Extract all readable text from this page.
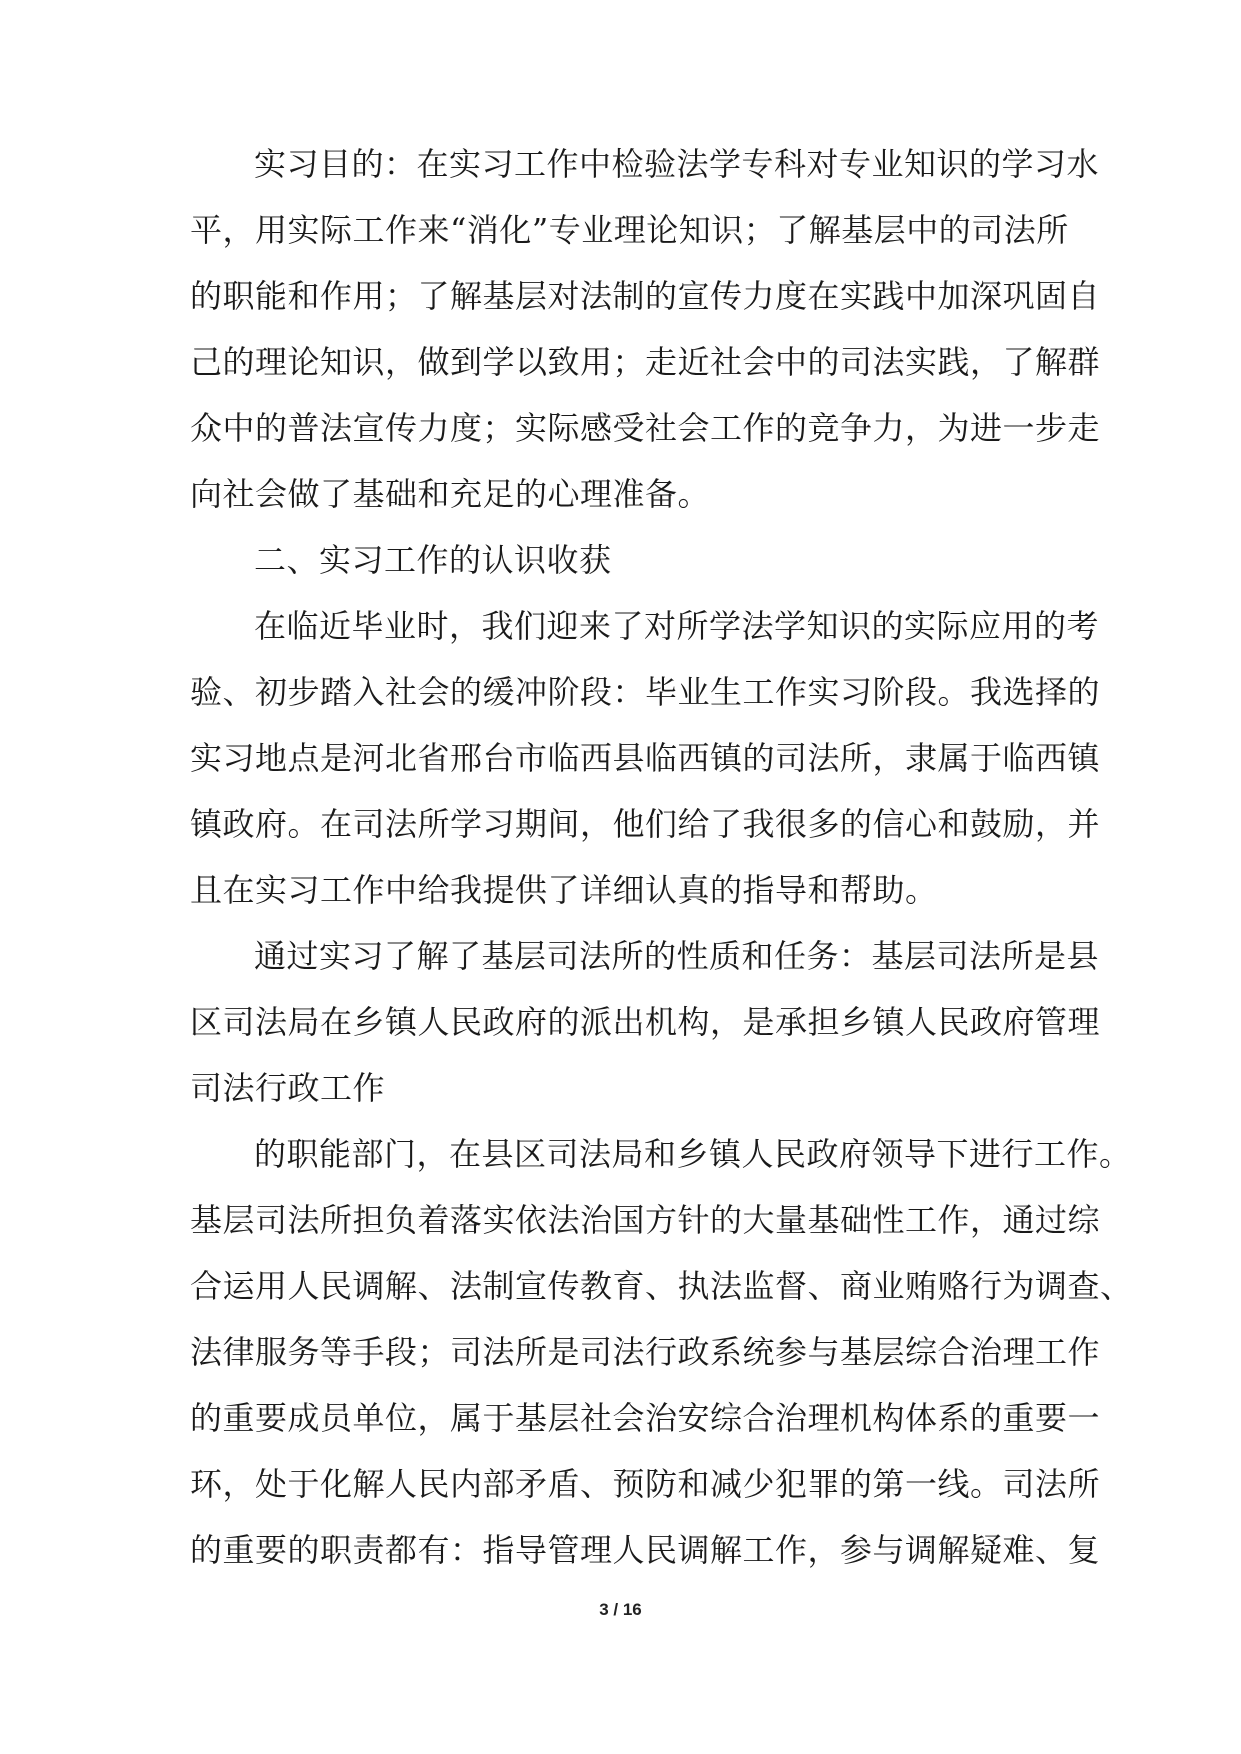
实习目的：在实习工作中检验法学专科对专业知识的学习水
平，用实际工作来“消化”专业理论知识；了解基层中的司法所
的职能和作用；了解基层对法制的宣传力度在实践中加深巩固自
己的理论知识，做到学以致用；走近社会中的司法实践，了解群
众中的普法宣传力度；实际感受社会工作的竞争力，为进一步走
向社会做了基础和充足的心理准备。
二、实习工作的认识收获
在临近毕业时，我们迎来了对所学法学知识的实际应用的考
验、初步踏入社会的缓冲阶段：毕业生工作实习阶段。我选择的
实习地点是河北省邢台市临西县临西镇的司法所，隶属于临西镇
镇政府。在司法所学习期间，他们给了我很多的信心和鼓励，并
且在实习工作中给我提供了详细认真的指导和帮助。
通过实习了解了基层司法所的性质和任务：基层司法所是县
区司法局在乡镇人民政府的派出机构，是承担乡镇人民政府管理
司法行政工作
的职能部门，在县区司法局和乡镇人民政府领导下进行工作。
基层司法所担负着落实依法治国方针的大量基础性工作，通过综
合运用人民调解、法制宣传教育、执法监督、商业贿赂行为调查、
法律服务等手段；司法所是司法行政系统参与基层综合治理工作
的重要成员单位，属于基层社会治安综合治理机构体系的重要一
环，处于化解人民内部矛盾、预防和减少犯罪的第一线。司法所
的重要的职责都有：指导管理人民调解工作，参与调解疑难、复
3 / 16
